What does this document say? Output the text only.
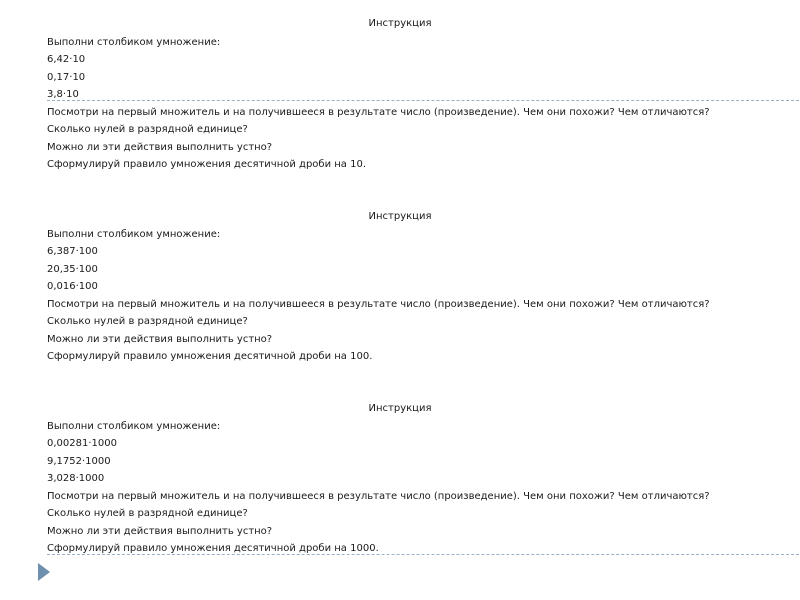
Инструкция
Выполни столбиком умножение:
6,42·10
0,17·10
3,8·10
Посмотри на первый множитель и на получившееся в результате число (произведение). Чем они похожи? Чем отличаются?
Сколько нулей в разрядной единице?
Можно ли эти действия выполнить устно?
Сформулируй правило умножения десятичной дроби на 10.
Инструкция
Выполни столбиком умножение:
6,387·100
20,35·100
0,016·100
Посмотри на первый множитель и на получившееся в результате число (произведение). Чем они похожи? Чем отличаются?
Сколько нулей в разрядной единице?
Можно ли эти действия выполнить устно?
Сформулируй правило умножения десятичной дроби на 100.
Инструкция
Выполни столбиком умножение:
0,00281·1000
9,1752·1000
3,028·1000
Посмотри на первый множитель и на получившееся в результате число (произведение). Чем они похожи? Чем отличаются?
Сколько нулей в разрядной единице?
Можно ли эти действия выполнить устно?
Сформулируй правило умножения десятичной дроби на 1000.
